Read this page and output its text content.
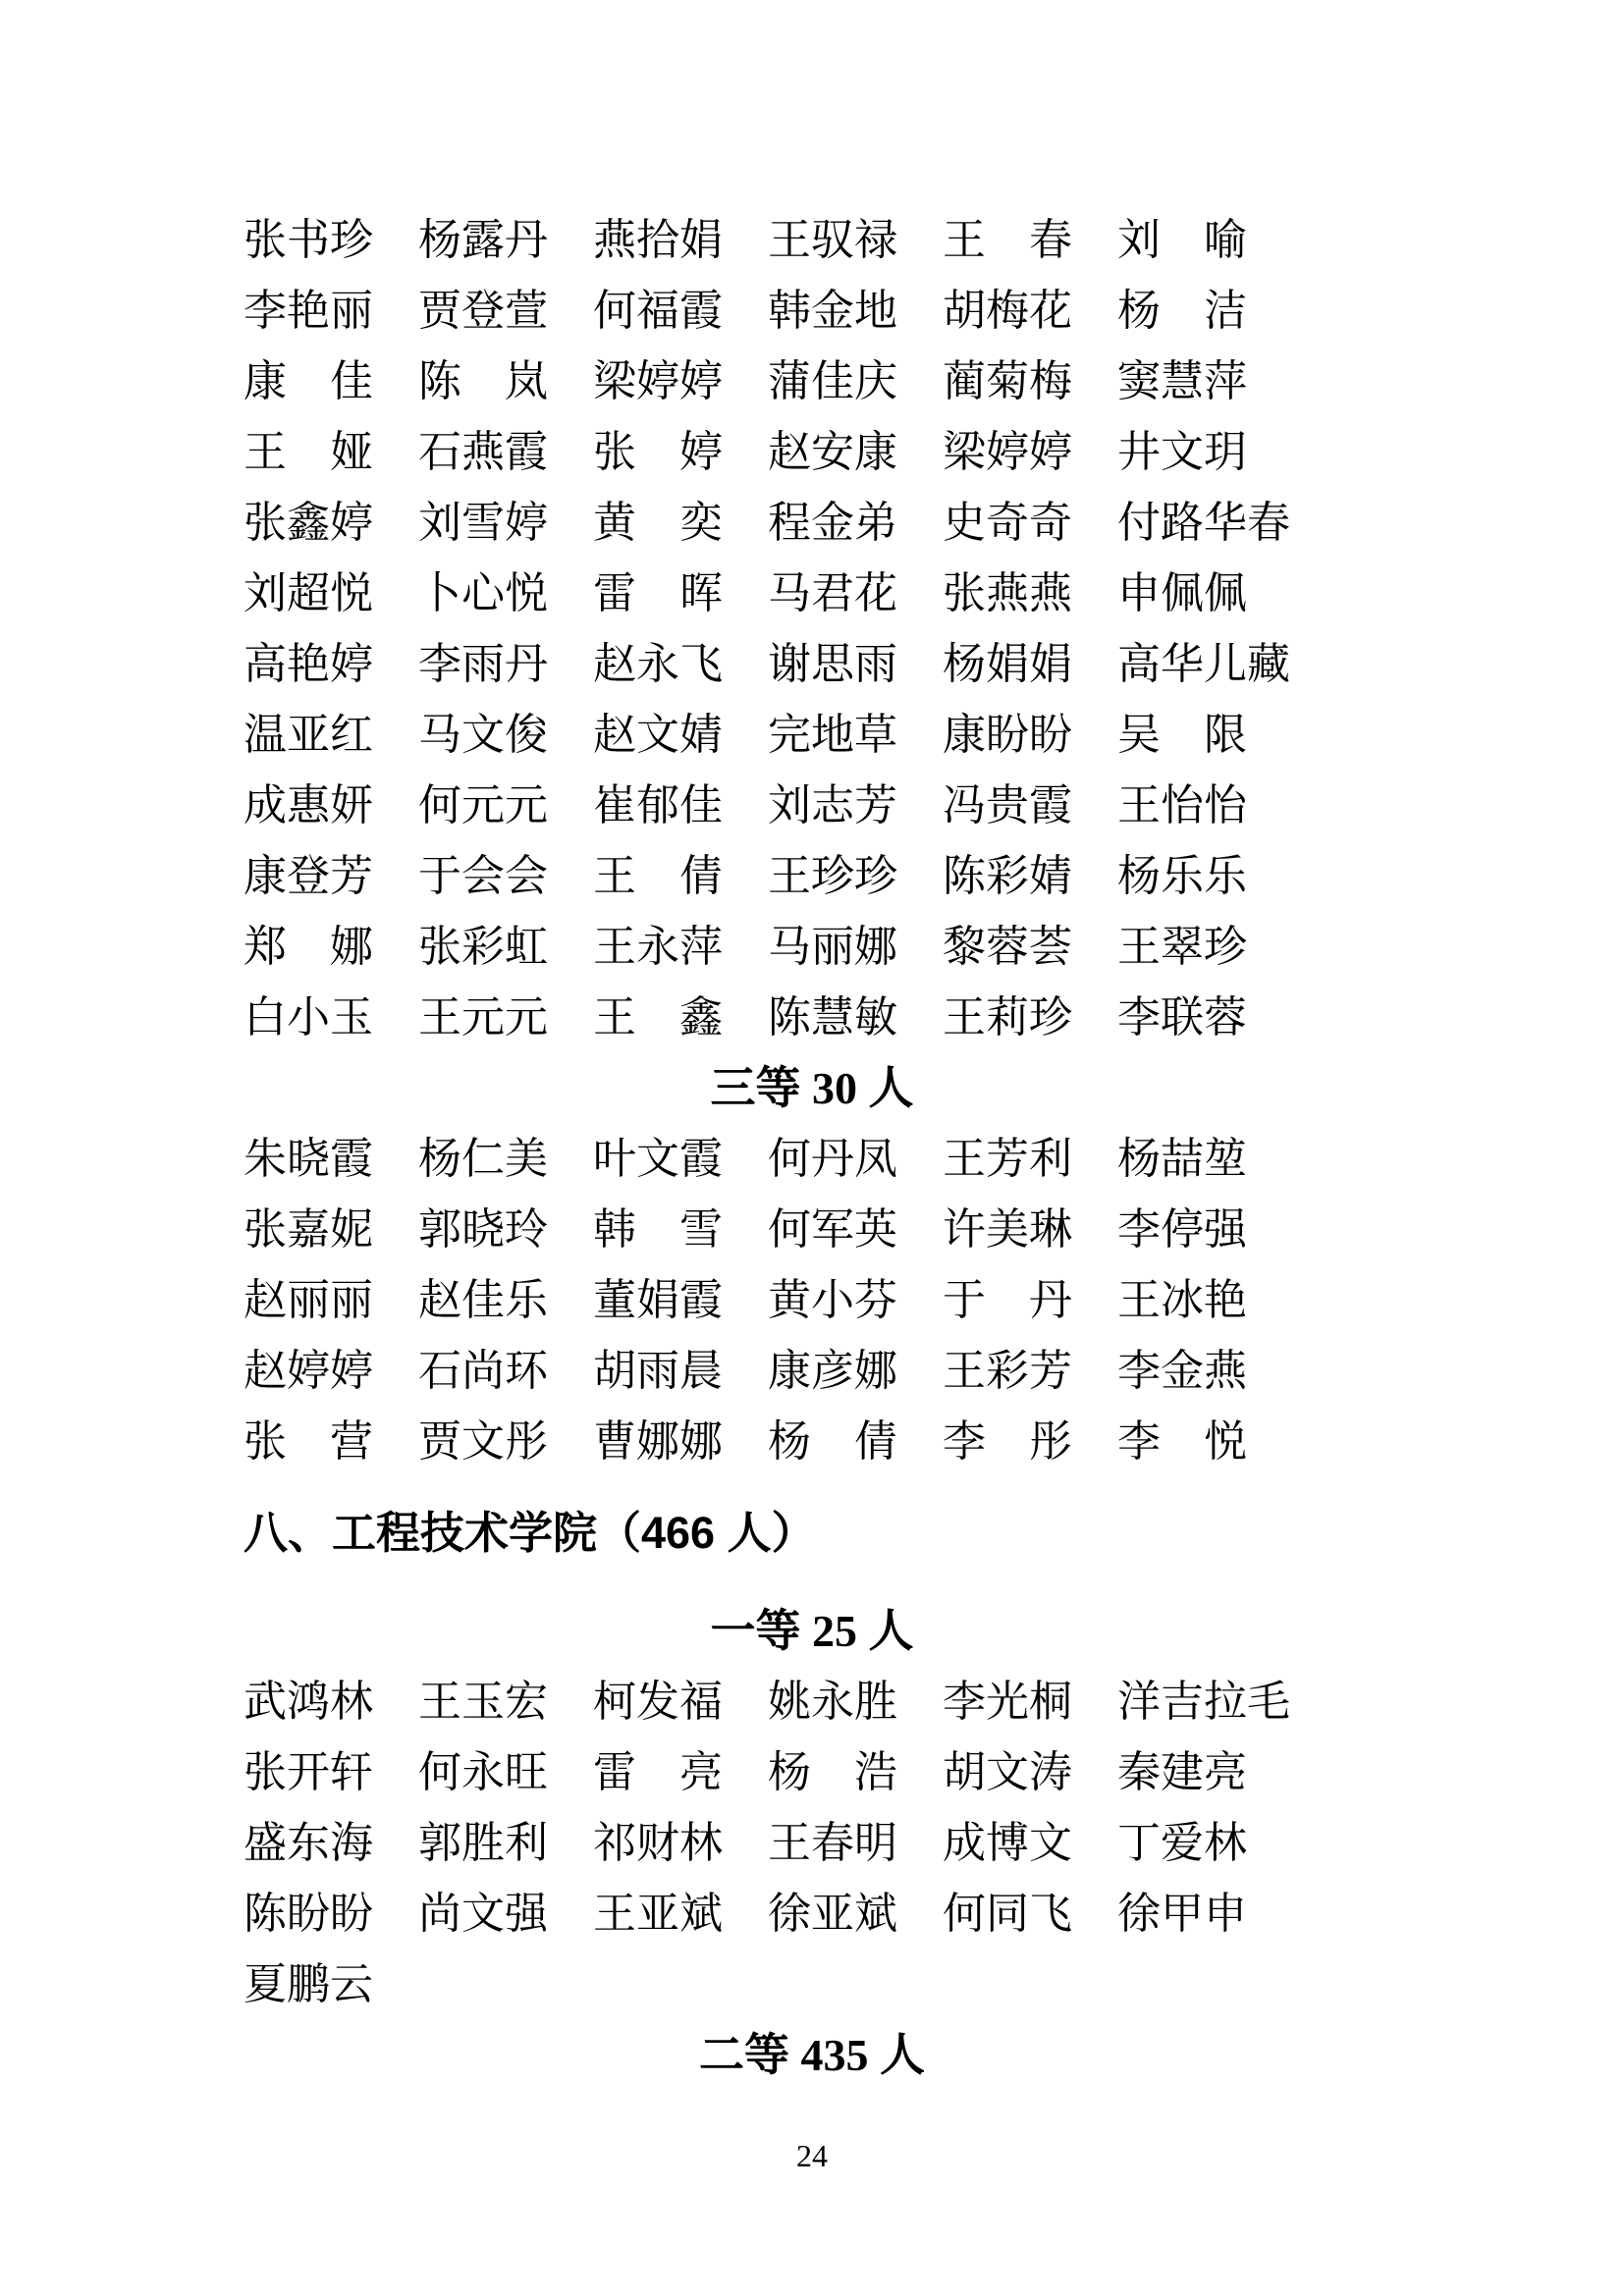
张书珍 杨露丹 燕拾娟 王驭禄 王　春 刘　喻
李艳丽 贾登萱 何福霞 韩金地 胡梅花 杨　洁
康　佳 陈　岚 梁婷婷 蒲佳庆 蔺菊梅 窦慧萍
王　娅 石燕霞 张　婷 赵安康 梁婷婷 井文玥
张鑫婷 刘雪婷 黄　奕 程金弟 史奇奇 付路华春
刘超悦 卜心悦 雷　晖 马君花 张燕燕 申佩佩
高艳婷 李雨丹 赵永飞 谢思雨 杨娟娟 高华儿藏
温亚红 马文俊 赵文婧 完地草 康盼盼 吴　限
成惠妍 何元元 崔郁佳 刘志芳 冯贵霞 王怡怡
康登芳 于会会 王　倩 王珍珍 陈彩婧 杨乐乐
郑　娜 张彩虹 王永萍 马丽娜 黎蓉荟 王翠珍
白小玉 王元元 王　鑫 陈慧敏 王莉珍 李联蓉
三等 30 人
朱晓霞 杨仁美 叶文霞 何丹凤 王芳利 杨喆堃
张嘉妮 郭晓玲 韩　雪 何军英 许美琳 李停强
赵丽丽 赵佳乐 董娟霞 黄小芬 于　丹 王冰艳
赵婷婷 石尚环 胡雨晨 康彦娜 王彩芳 李金燕
张　营 贾文彤 曹娜娜 杨　倩 李　彤 李　悦
八、工程技术学院（466 人）
一等 25 人
武鸿林 王玉宏 柯发福 姚永胜 李光桐 洋吉拉毛
张开轩 何永旺 雷　亮 杨　浩 胡文涛 秦建亮
盛东海 郭胜利 祁财林 王春明 成博文 丁爱林
陈盼盼 尚文强 王亚斌 徐亚斌 何同飞 徐甲申
夏鹏云
二等 435 人
24
